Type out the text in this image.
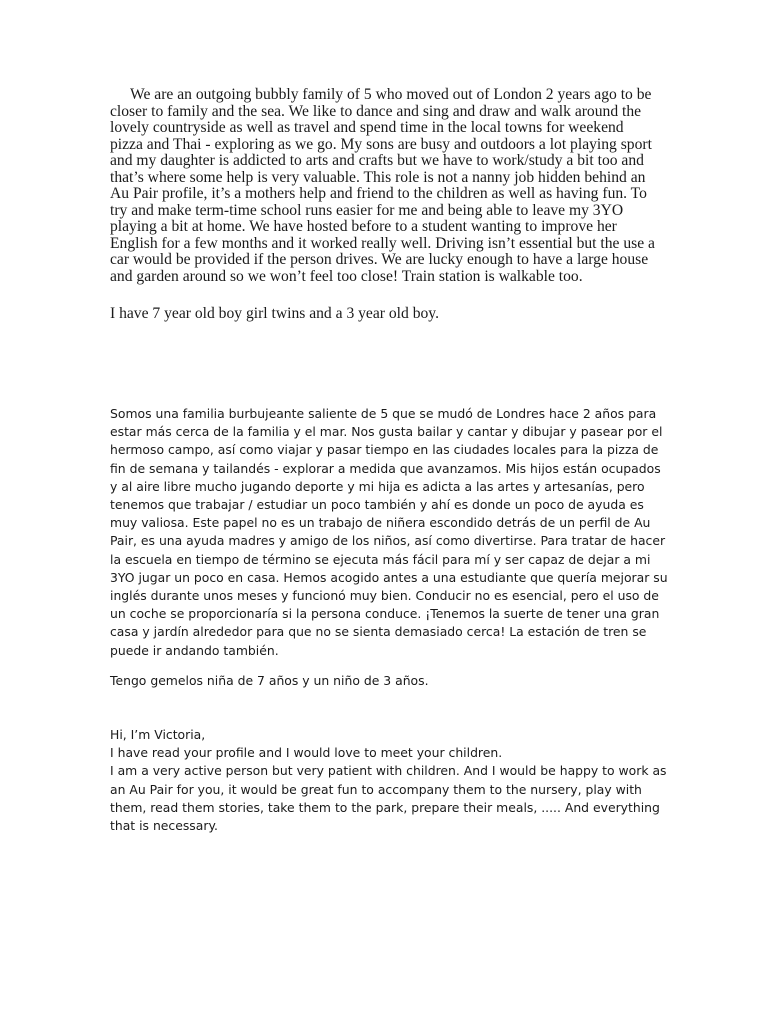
We are an outgoing bubbly family of 5 who moved out of London 2 years ago to be closer to family and the sea. We like to dance and sing and draw and walk around the lovely countryside as well as travel and spend time in the local towns for weekend pizza and Thai - exploring as we go. My sons are busy and outdoors a lot playing sport and my daughter is addicted to arts and crafts but we have to work/study a bit too and that’s where some help is very valuable. This role is not a nanny job hidden behind an Au Pair profile, it’s a mothers help and friend to the children as well as having fun. To try and make term-time school runs easier for me and being able to leave my 3YO playing a bit at home. We have hosted before to a student wanting to improve her English for a few months and it worked really well. Driving isn’t essential but the use a car would be provided if the person drives. We are lucky enough to have a large house and garden around so we won’t feel too close! Train station is walkable too.

I have 7 year old boy girl twins and a 3 year old boy.

Somos una familia burbujeante saliente de 5 que se mudó de Londres hace 2 años para estar más cerca de la familia y el mar. Nos gusta bailar y cantar y dibujar y pasear por el hermoso campo, así como viajar y pasar tiempo en las ciudades locales para la pizza de fin de semana y tailandés - explorar a medida que avanzamos. Mis hijos están ocupados y al aire libre mucho jugando deporte y mi hija es adicta a las artes y artesanías, pero tenemos que trabajar / estudiar un poco también y ahí es donde un poco de ayuda es muy valiosa. Este papel no es un trabajo de niñera escondido detrás de un perfil de Au Pair, es una ayuda madres y amigo de los niños, así como divertirse. Para tratar de hacer la escuela en tiempo de término se ejecuta más fácil para mí y ser capaz de dejar a mi 3YO jugar un poco en casa. Hemos acogido antes a una estudiante que quería mejorar su inglés durante unos meses y funcionó muy bien. Conducir no es esencial, pero el uso de un coche se proporcionaría si la persona conduce. ¡Tenemos la suerte de tener una gran casa y jardín alrededor para que no se sienta demasiado cerca! La estación de tren se puede ir andando también.

Tengo gemelos niña de 7 años y un niño de 3 años.

Hi, I’m Victoria,
I have read your profile and I would love to meet your children.
I am a very active person but very patient with children. And I would be happy to work as an Au Pair for you, it would be great fun to accompany them to the nursery, play with them, read them stories, take them to the park, prepare their meals, ..... And everything that is necessary.
